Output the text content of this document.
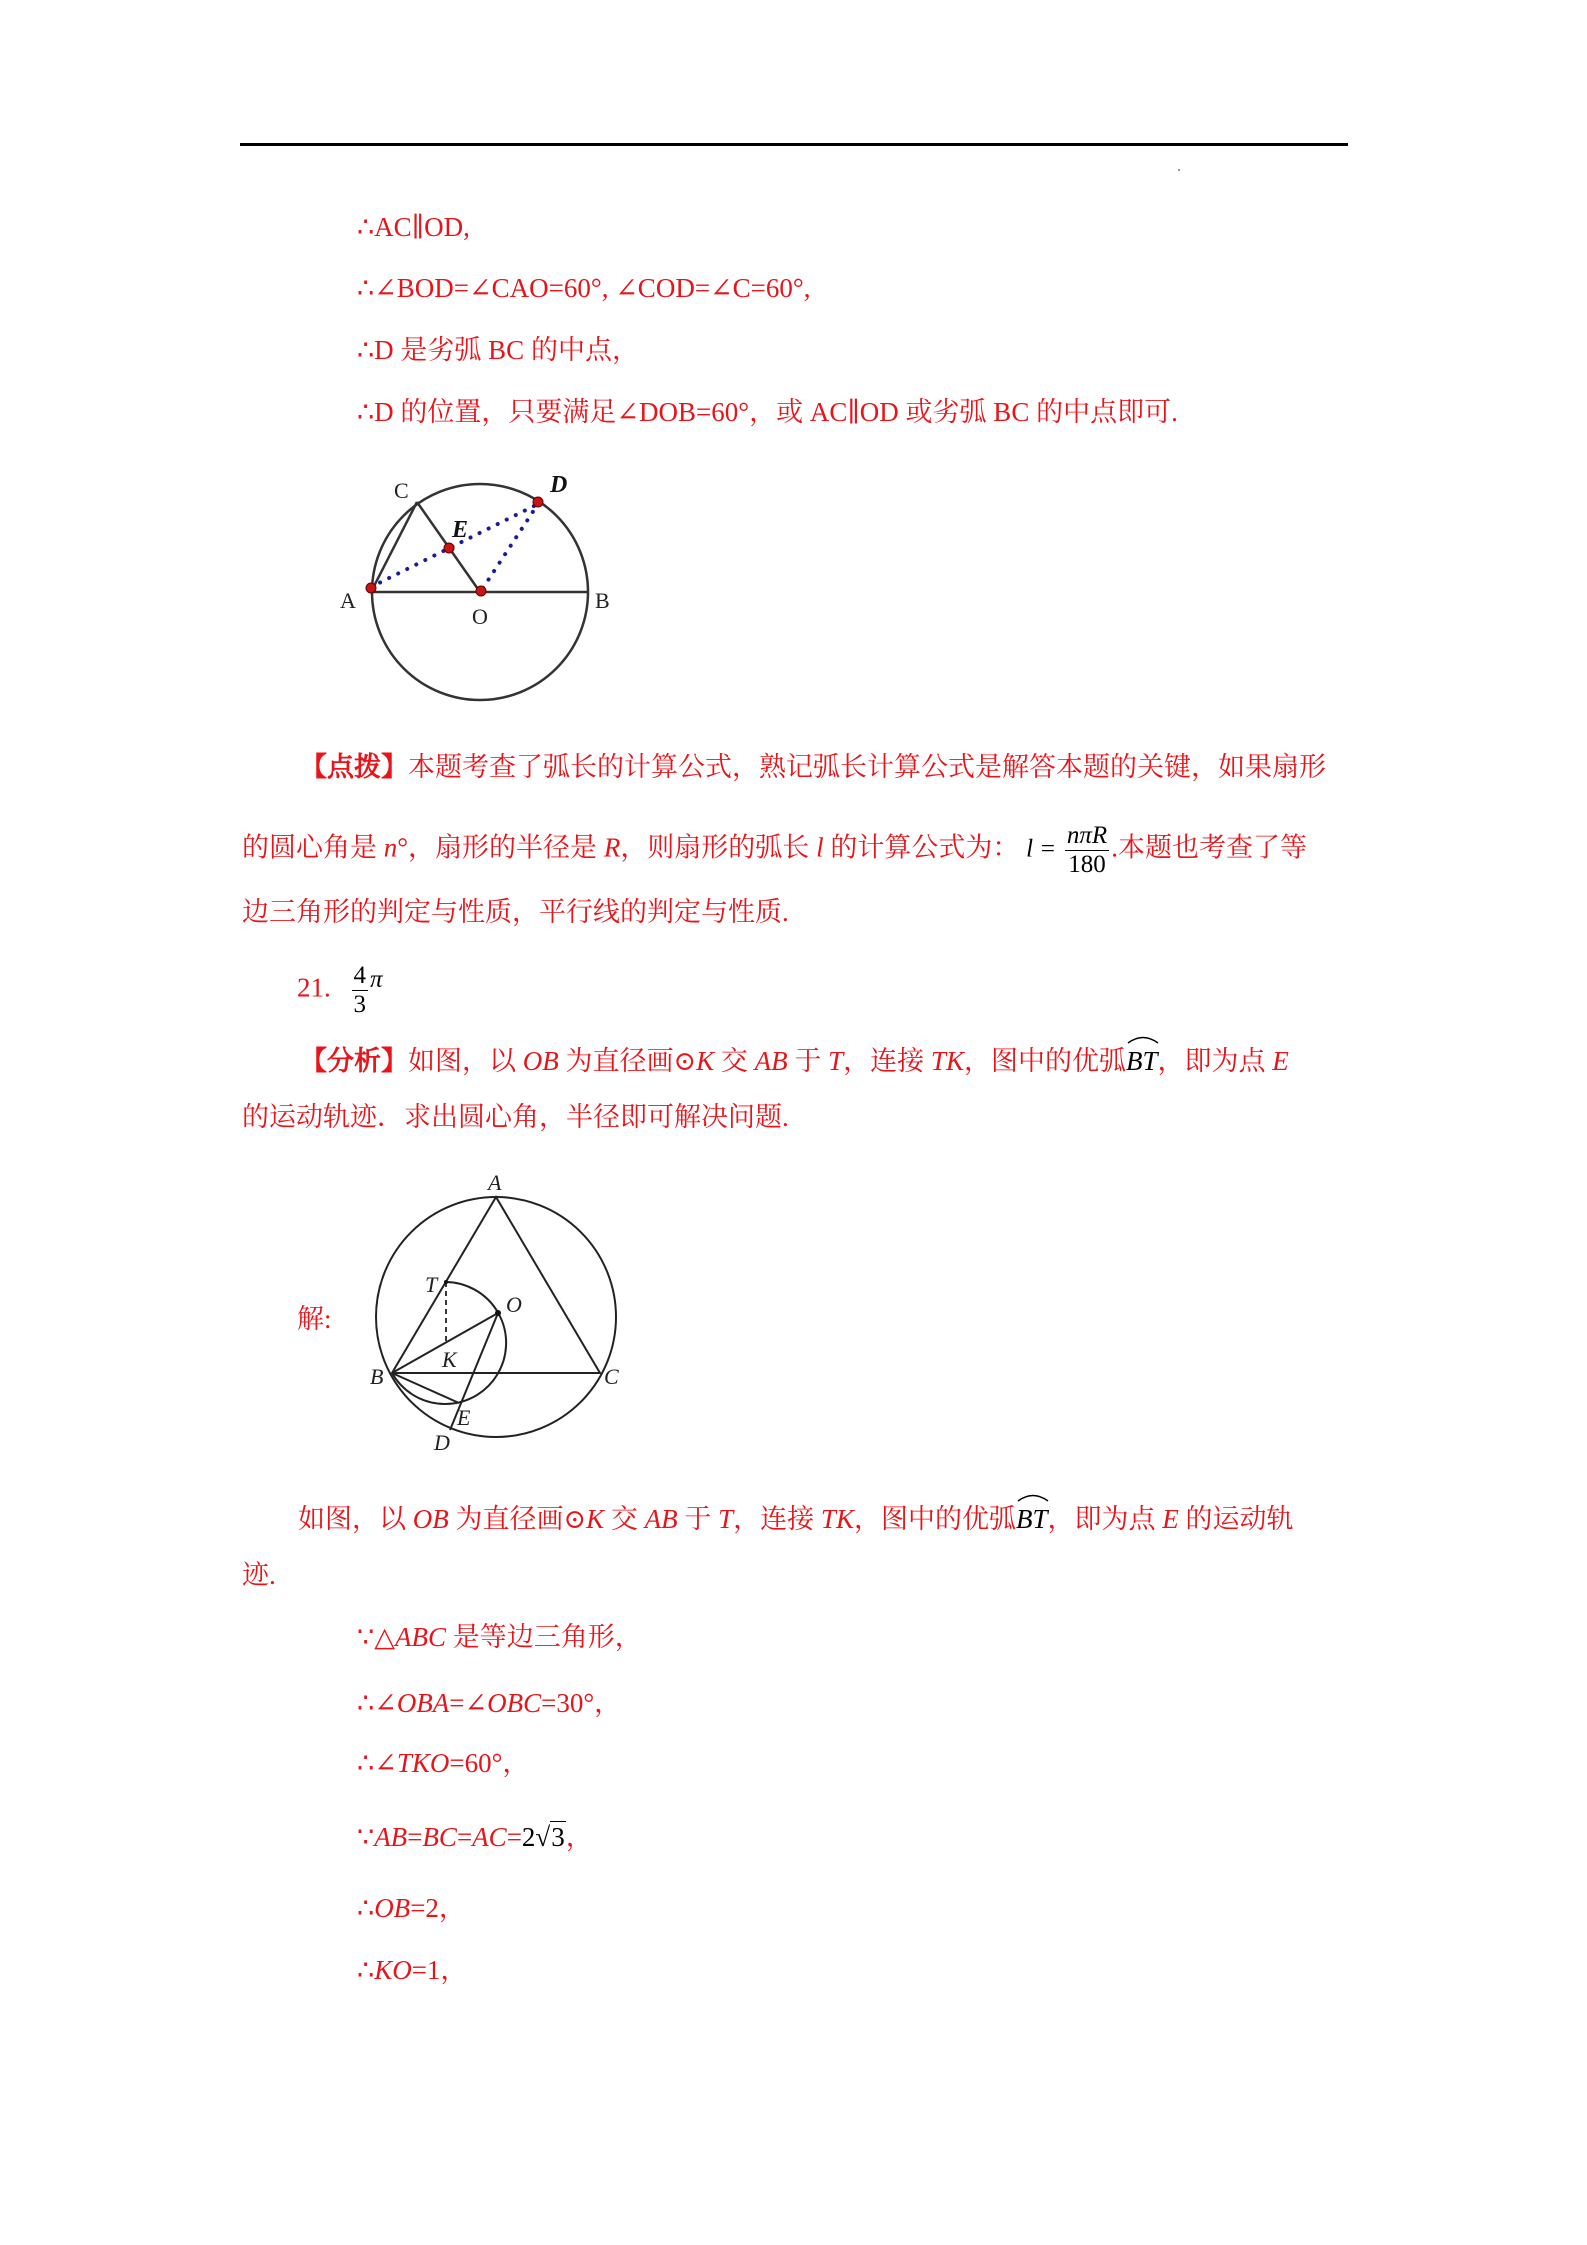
∴AC∥OD,
∴∠BOD=∠CAO=60°, ∠COD=∠C=60°,
∴D 是劣弧 BC 的中点，
∴D 的位置，只要满足∠DOB=60°，或 AC∥OD 或劣弧 BC 的中点即可.
A	B
C	D
E
O
【点拨】本题考查了弧长的计算公式，熟记弧长计算公式是解答本题的关键，如果扇形
的圆心角是 n°，扇形的半径是 R，则扇形的弧长 l 的计算公式为： $l = \frac{\text{nπR}}{180}$ .本题也考查了等
边三角形的判定与性质，平行线的判定与性质.
21. $\frac{4}{3}$ π
【分析】如图，以 OB 为直径画⊙K 交 AB 于 T，连接 TK，图中的优弧
BT，即为点 E
的运动轨迹．求出圆心角，半径即可解决问题.
解:
A
B	C
D
E
K
O
T
如图，以 OB 为直径画⊙K 交 AB 于 T，连接 TK，图中的优弧
BT，即为点 E 的运动轨
迹.
∵△ABC 是等边三角形，
∴∠OBA=∠OBC=30°，
∴∠TKO=60°，
∵AB=BC=AC=2√3，
∴OB=2，
∴KO=1，
